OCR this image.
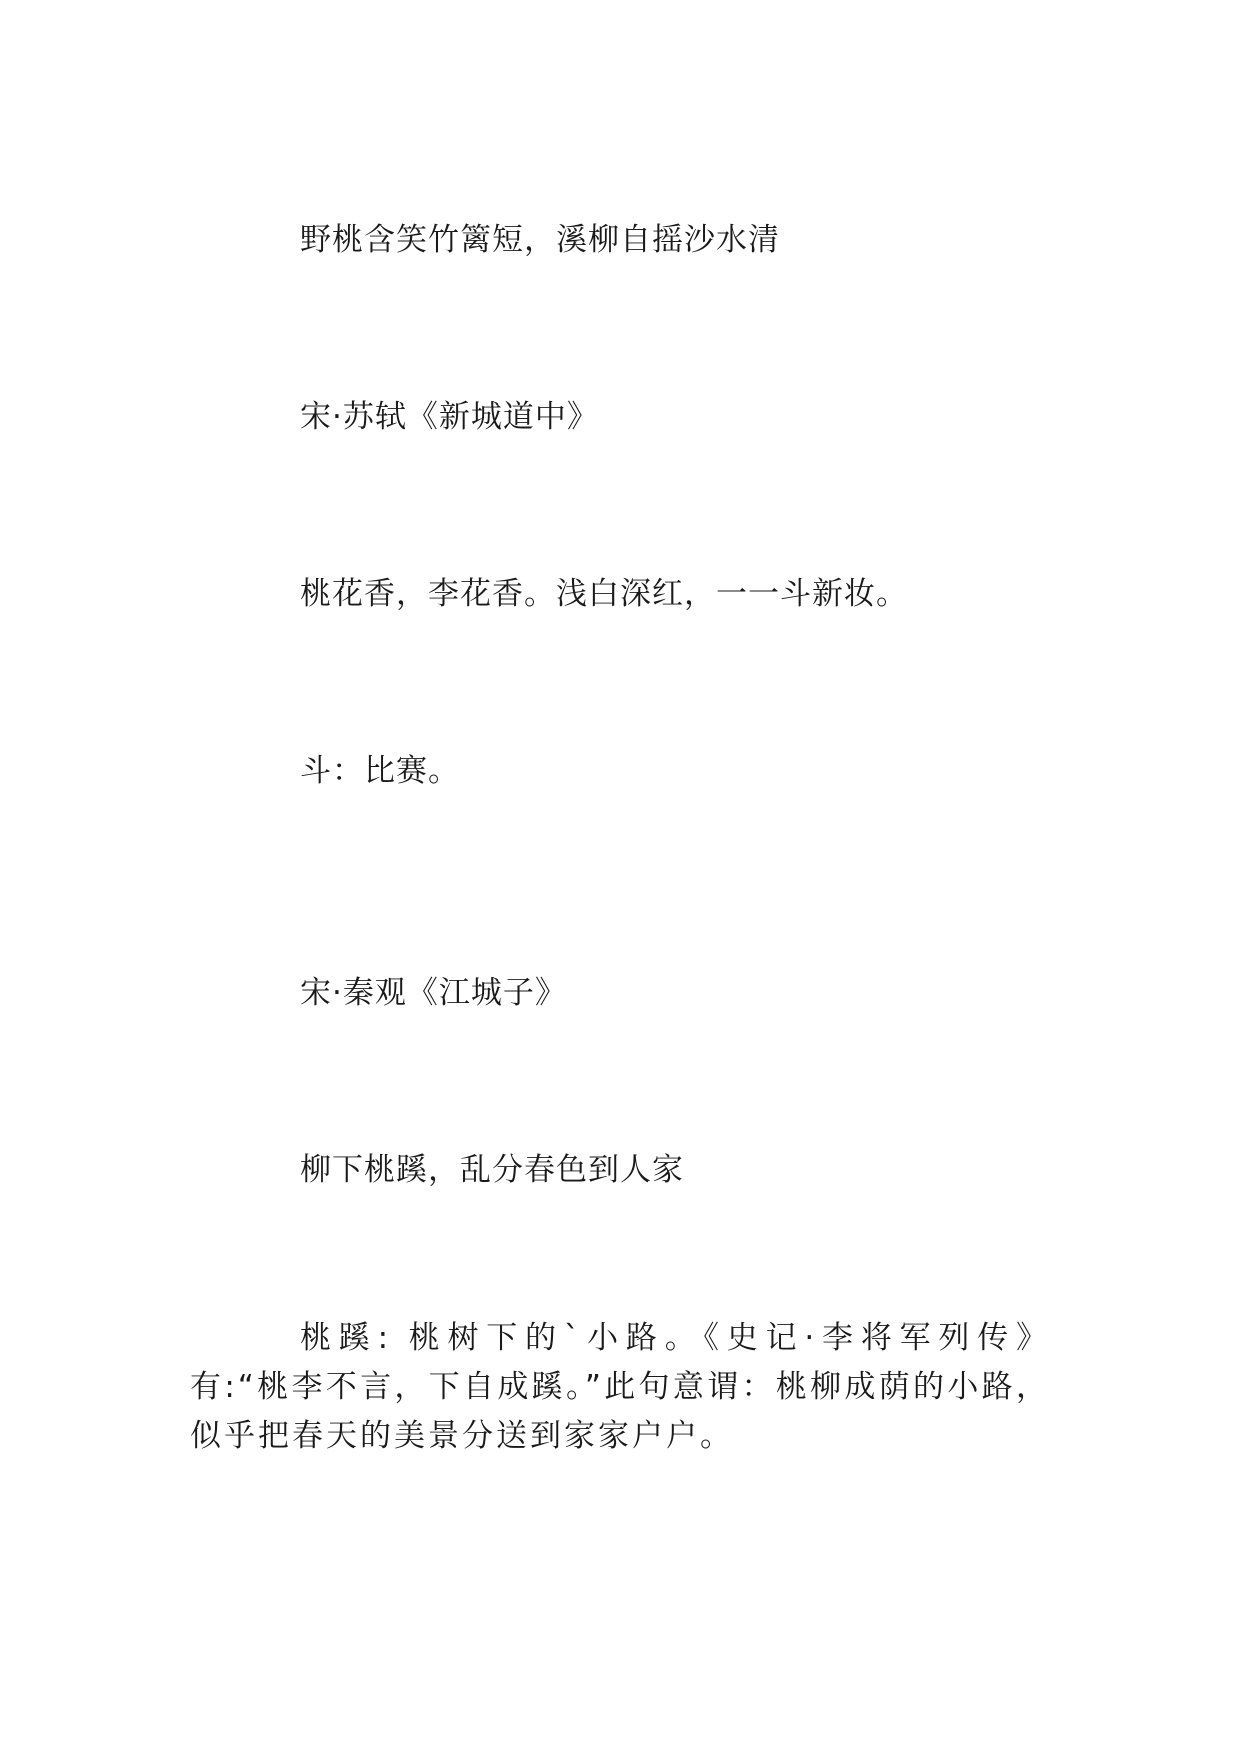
野桃含笑竹篱短，溪柳自摇沙水清
宋·苏轼《新城道中》
桃花香，李花香。浅白深红，一一斗新妆。
斗：比赛。
宋·秦观《江城子》
柳下桃蹊，乱分春色到人家
桃蹊: 桃树下的`小路。《史记·李将军列传》有:“桃李不言，下自成蹊。”此句意谓：桃柳成荫的小路，似乎把春天的美景分送到家家户户。
